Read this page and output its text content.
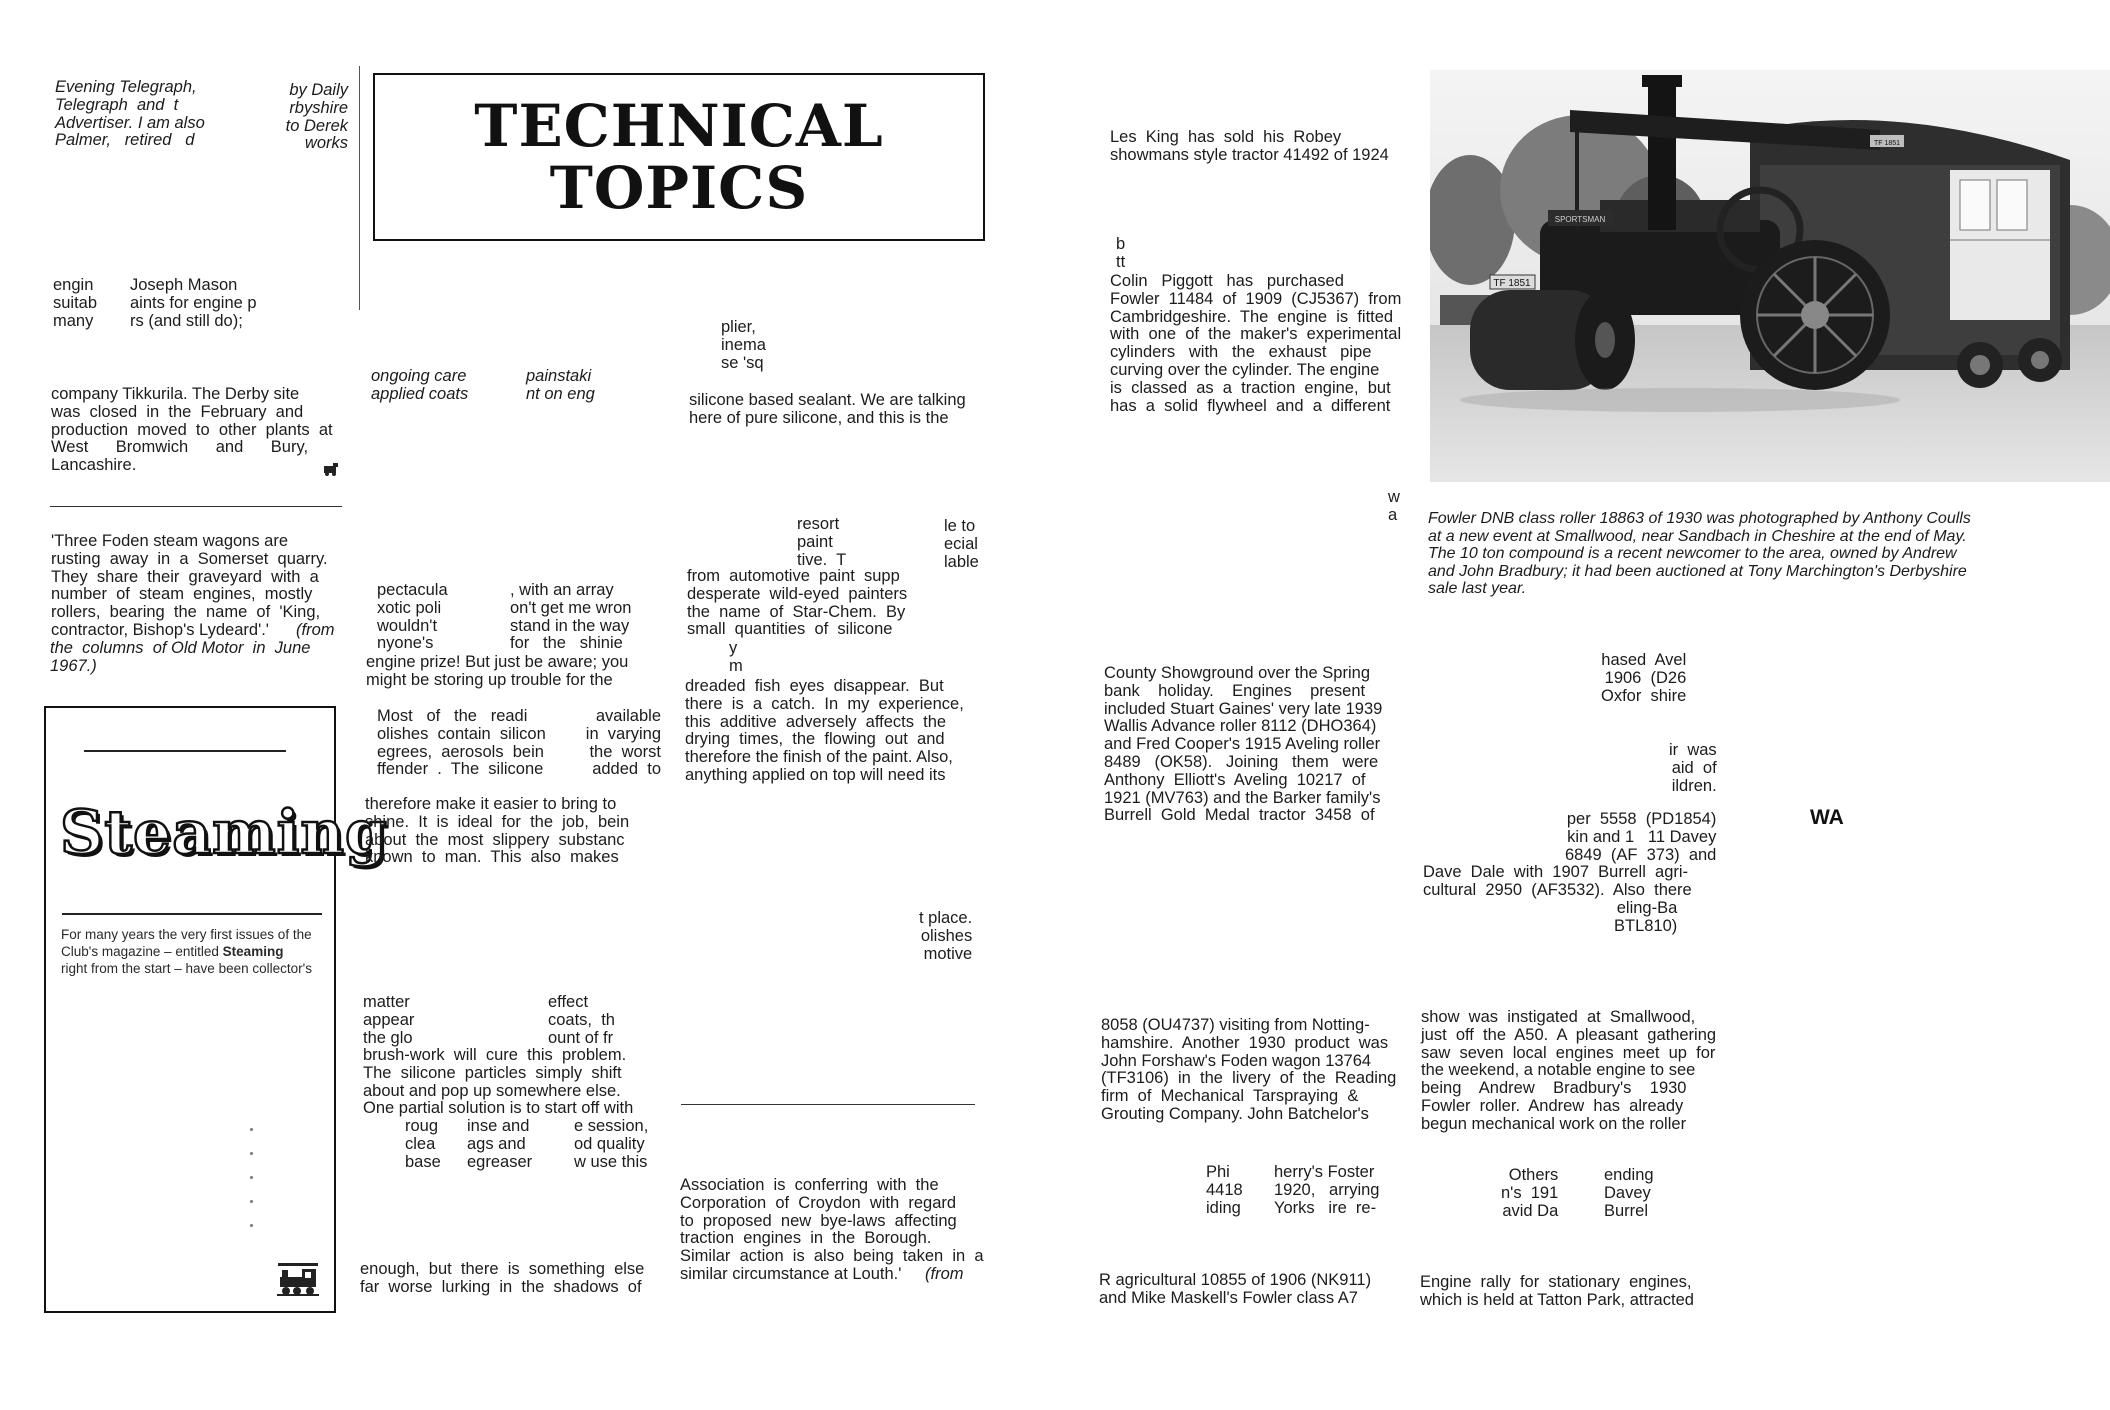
Evening Telegraph,
Telegraph  and  t
Advertiser. I am also
Palmer,   retired   d
by Daily
rbyshire
to Derek
works
engin
suitab
many
Joseph Mason
aints for engine p
rs (and still do);
company Tikkurila. The Derby site
was  closed  in  the  February  and
production  moved  to  other  plants  at
West      Bromwich      and      Bury,
Lancashire.
'Three Foden steam wagons are
rusting  away  in  a  Somerset  quarry.
They  share  their  graveyard  with  a
number  of  steam  engines,  mostly
rollers,  bearing  the  name  of  'King,
contractor, Bishop's Lydeard'.'	(from
the  columns  of Old Motor  in  June
1967.)
Steaming
For many years the very first issues of the
Club's magazine – entitled Steaming
right from the start – have been collector's
TECHNICAL
TOPICS
ongoing care
applied coats
painstaki
nt on eng
pectacula
xotic poli
wouldn't
nyone's
, with an array
on't get me wron
stand in the way
for   the   shinie
engine prize! But just be aware; you
might be storing up trouble for the
Most   of   the   readi
olishes  contain  silicon
egrees,  aerosols  bein
ffender  .  The  silicone
available
in  varying
the  worst
added  to
therefore make it easier to bring to
shine.  It  is  ideal  for  the  job,  bein
about  the  most  slippery  substanc
known  to  man.  This  also  makes
matter
appear
the glo
effect
coats,  th
ount of fr
brush-work  will  cure  this  problem.
The  silicone  particles  simply  shift
about and pop up somewhere else.
One partial solution is to start off with
roug
clea
base
inse and
ags and
egreaser
e session,
od quality
w use this
enough,  but  there  is  something  else
far  worse  lurking  in  the  shadows  of
plier,
inema
se 'sq
silicone based sealant. We are talking
here of pure silicone, and this is the
resort
paint
tive.  T
le to
ecial
lable
from  automotive  paint  supp
desperate  wild-eyed  painters
the  name  of  Star-Chem.  By
small  quantities  of  silicone
y
m
dreaded  fish  eyes  disappear.  But
there  is  a  catch.  In  my  experience,
this  additive  adversely  affects  the
drying  times,  the  flowing  out  and
therefore the finish of the paint. Also,
anything applied on top will need its
t place.
olishes
motive
Association  is  conferring  with  the
Corporation  of  Croydon  with  regard
to  proposed  new  bye-laws  affecting
traction  engines  in  the  Borough.
Similar  action  is  also  being  taken  in  a
similar circumstance at Louth.'	(from
Les  King  has  sold  his  Robey
showmans style tractor 41492 of 1924
b
tt
Colin   Piggott   has   purchased
Fowler  11484  of  1909  (CJ5367)  from
Cambridgeshire.  The  engine  is  fitted
with  one  of  the  maker's  experimental
cylinders   with   the   exhaust   pipe
curving over the cylinder. The engine
is  classed  as  a  traction  engine,  but
has  a  solid  flywheel  and  a  different
w
a
County Showground over the Spring
bank    holiday.    Engines    present
included Stuart Gaines' very late 1939
Wallis Advance roller 8112 (DHO364)
and Fred Cooper's 1915 Aveling roller
8489   (OK58).   Joining   them   were
Anthony  Elliott's  Aveling  10217  of
1921 (MV763) and the Barker family's
Burrell  Gold  Medal  tractor  3458  of
8058 (OU4737) visiting from Notting-
hamshire.  Another  1930  product  was
John Forshaw's Foden wagon 13764
(TF3106)  in  the  livery  of  the  Reading
firm  of  Mechanical  Tarspraying  &
Grouting Company. John Batchelor's
Phi
4418
iding
herry's Foster
1920,   arrying
Yorks   ire  re-
R agricultural 10855 of 1906 (NK911)
and Mike Maskell's Fowler class A7
SPORTSMAN
TF 1851
TF 1851
Fowler DNB class roller 18863 of 1930 was photographed by Anthony Coulls
at a new event at Smallwood, near Sandbach in Cheshire at the end of May.
The 10 ton compound is a recent newcomer to the area, owned by Andrew
and John Bradbury; it had been auctioned at Tony Marchington's Derbyshire
sale last year.
hased  Avel
1906  (D26
Oxfor  shire
ir  was
aid  of
ildren.
per  5558  (PD1854)
kin and 1   11 Davey
6849  (AF  373)  and
Dave  Dale  with  1907  Burrell  agri-
cultural  2950  (AF3532).  Also  there
eling-Ba
BTL810)
WA
show  was  instigated  at  Smallwood,
just  off  the  A50.  A  pleasant  gathering
saw  seven  local  engines  meet  up  for
the weekend, a notable engine to see
being    Andrew    Bradbury's    1930
Fowler  roller.  Andrew  has  already
begun mechanical work on the roller
Others
n's  191
avid Da
ending
Davey
Burrel
Engine  rally  for  stationary  engines,
which is held at Tatton Park, attracted
